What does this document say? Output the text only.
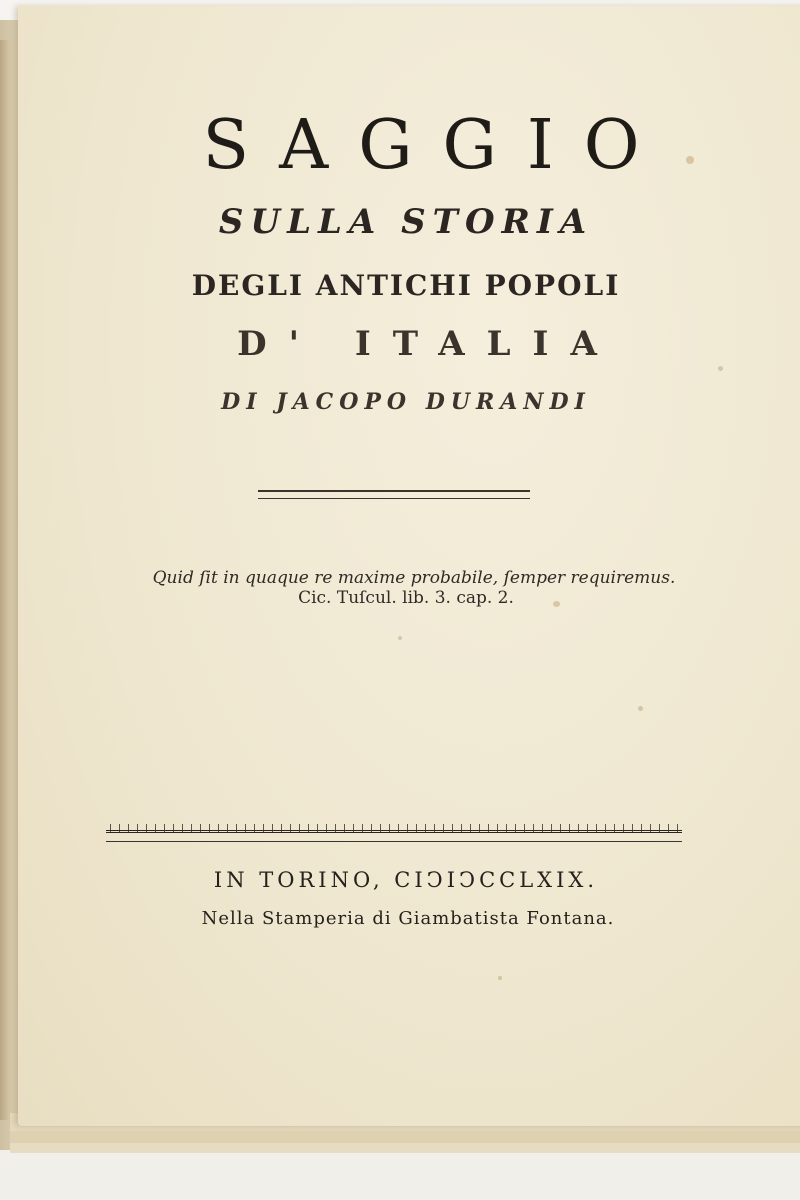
SAGGIO
SULLA STORIA
DEGLI ANTICHI POPOLI
D' ITALIA

DI JACOPO DURANDI

Quid ſit in quaque re maxime probabile, ſemper requiremus.

Cic. Tuſcul. lib. 3. cap. 2.

IN TORINO, CIↃIↃCCLXIX.

Nella Stamperia di Giambatista Fontana.
